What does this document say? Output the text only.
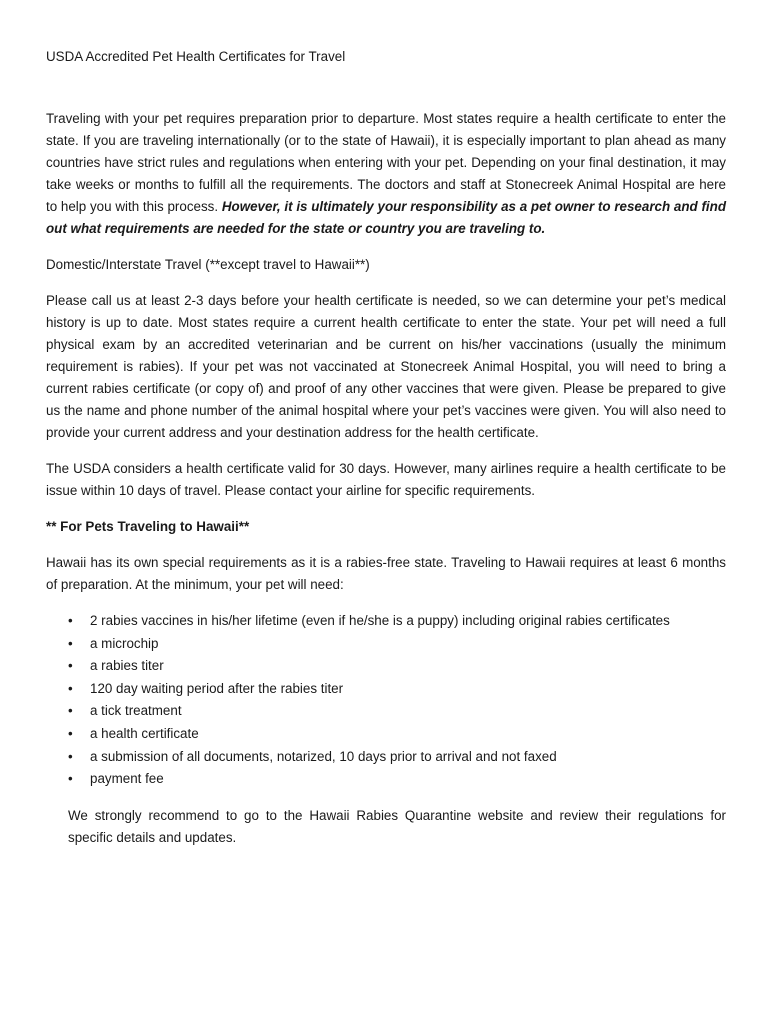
USDA Accredited Pet Health Certificates for Travel

Traveling with your pet requires preparation prior to departure. Most states require a health certificate to enter the state. If you are traveling internationally (or to the state of Hawaii), it is especially important to plan ahead as many countries have strict rules and regulations when entering with your pet. Depending on your final destination, it may take weeks or months to fulfill all the requirements. The doctors and staff at Stonecreek Animal Hospital are here to help you with this process. However, it is ultimately your responsibility as a pet owner to research and find out what requirements are needed for the state or country you are traveling to.

Domestic/Interstate Travel (**except travel to Hawaii**)

Please call us at least 2-3 days before your health certificate is needed, so we can determine your pet’s medical history is up to date. Most states require a current health certificate to enter the state. Your pet will need a full physical exam by an accredited veterinarian and be current on his/her vaccinations (usually the minimum requirement is rabies). If your pet was not vaccinated at Stonecreek Animal Hospital, you will need to bring a current rabies certificate (or copy of) and proof of any other vaccines that were given. Please be prepared to give us the name and phone number of the animal hospital where your pet’s vaccines were given. You will also need to provide your current address and your destination address for the health certificate.

The USDA considers a health certificate valid for 30 days. However, many airlines require a health certificate to be issue within 10 days of travel. Please contact your airline for specific requirements.

** For Pets Traveling to Hawaii**

Hawaii has its own special requirements as it is a rabies-free state. Traveling to Hawaii requires at least 6 months of preparation. At the minimum, your pet will need:

• 2 rabies vaccines in his/her lifetime (even if he/she is a puppy) including original rabies certificates
• a microchip
• a rabies titer
• 120 day waiting period after the rabies titer
• a tick treatment
• a health certificate
• a submission of all documents, notarized, 10 days prior to arrival and not faxed
• payment fee

We strongly recommend to go to the Hawaii Rabies Quarantine website and review their regulations for specific details and updates.
